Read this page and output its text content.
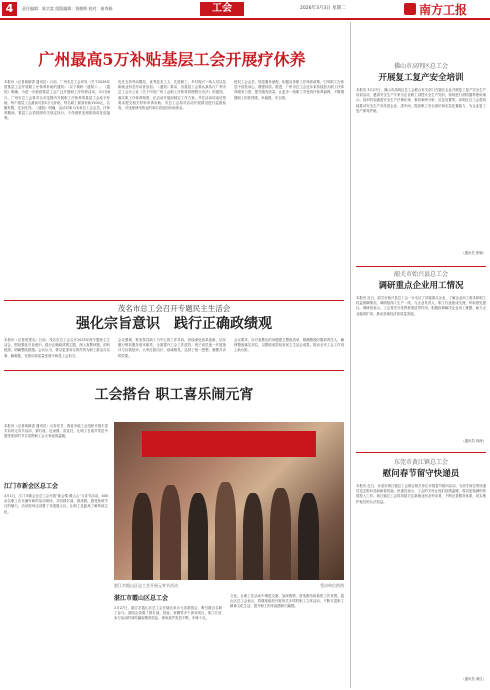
4	责任编辑：陈宗富 组版编辑：钱朝辉 校对：曲秀娟	工会	2026年3月3日 星期二	南方工报
广州最高5万补贴基层工会开展疗休养
本报讯（记者黄朝香 通讯员）日前，广州市总工会印发《关于2026年度基层工会开展职工疗休养补助的通知》（以下简称《通知》）。《通知》明确，为进一步鼓励基层工会广泛开展职工疗休养活动，3月至8月，广州市总工会将对全市范围内开展职工疗休养的基层工会给予补助，每个基层工会最高可获5万元补贴，每名职工最高补助1500元，名额有限，先到先得。《通知》明确，活动对象为本单位工会会员，疗休养期间，基层工会须按照有关规定执行，不得借机变相旅游或发放福利。
优先支持劳动模范、优秀技术工人、先进职工、乡村振兴一线人员以及新就业形态劳动者参加。《通知》要求，各基层工会要认真执行广州市总工会办公室《关于印发广州工会职工疗休养管理暂行办法》的通知，落实职工疗休养制度，在活动开展前制定工作方案，并在活动结束后按要求提交相关材料申请补助。市总工会将对活动开展情况进行监督检查，对违规使用资金的单位将追回补助资金。
授权工会会员，规范服务流程，积极宣传职工疗休养政策，引导职工在休息中放松身心、增强体质。据悉，广州市总工会近年来持续加大职工疗休养服务力度，提升服务质量，让更多一线职工享受到疗休养福利，不断增强职工的获得感、幸福感、安全感。
茂名市总工会召开专题民主生活会
强化宗旨意识　践行正确政绩观
本报讯（记者曾建友）日前，茂名市总工会召开2025年度专题民主生活会，围绕强化宗旨意识、践行正确政绩观主题，深入查摆问题，剖析根源，明确整改措施。会议认为，要以更加务实的作风为职工群众办实事、解难题，在推动高质量发展中彰显工会担当。
会议强调，要坚持以职工为中心的工作导向，持续深化改革创新，切实履行维权服务基本职责，全面提升工会工作质效。班子成员逐一开展批评与自我批评，大家红脸出汗、坦诚相见，达到了统一思想、凝聚共识的效果。
会议要求，针对查摆出的问题建立整改清单，明确整改时限和责任人，确保整改落实到位，以整改成效检验民主生活会成果，推动全市工会工作再上新台阶。
工会搭台 职工喜乐闹元宵
本报讯（记者黄朝香 通讯员）元宵佳节，我省多地工会组织开展丰富多彩的元宵节活动，猜灯谜、包汤圆、赏花灯，让职工在欢声笑语中感受浓浓的节日氛围和工会大家庭的温暖。
江门市新会区总工会
3月1日，江门市新会区总工会开展“新会情 暖人心”元宵节活动。400余名职工在充满年味的活动现场，共同猜灯谜、做汤圆，感受传统节日的魅力。活动现场还设置了非遗展示区，让职工近距离了解传统文化。
湛江市霞山区总工会开展元宵节活动	受访单位供图
湛江市霞山区总工会
2月27日，湛江市霞山区总工会在辖区举办元宵游园会，吸引数百名职工参与。游园会设置了猜灯谜、投壶、套圈等多个游戏项目，职工们在参与活动的同时赢取精美奖品，现场欢声笑语不断，年味十足。
文化，让职工在活动中增进交流、加深感情，营造团结和谐的工作氛围。霞山区总工会表示，将继续组织开展形式多样的职工文体活动，不断丰富职工精神文化生活，提升职工的幸福感和归属感。
佛山市高明区总工会
开展复工复产安全培训
本报讯 3月27日，佛山市高明区总工会联合有关部门在辖区企业开展复工复产安全生产培训活动，邀请安全生产专家为企业职工讲授安全生产知识，现场进行消防器材使用演示。培训内容涵盖安全生产法律法规、事故案例分析、应急处置等。高明区总工会将持续推动安全生产宣传进企业、进车间，提高职工安全意识和应急处置能力，为企业复工复产保驾护航。
（通讯员 张敏）
韶关市始兴县总工会
调研重点企业用工情况
本报讯 近日，韶关市始兴县总工会一行走访了县辖重点企业，了解企业用工需求和职工权益保障情况。调研组深入生产一线，与企业负责人、职工代表座谈交流，听取意见建议。调研组表示，工会将充分发挥桥梁纽带作用，积极协调解决企业用工难题，助力企业稳岗扩岗，推动县域经济高质量发展。
（通讯员 林涛）
东莞市黄江镇总工会
慰问春节留守快递员
本报讯 近日，东莞市黄江镇总工会联合相关单位开展春节慰问活动，为坚守岗位的快递员送去慰问品和新春祝福。快递员表示，工会的关怀让他们倍感温暖，将以更饱满的热情投入工作。黄江镇总工会将持续关注新就业形态劳动者，不断完善服务体系，切实维护他们的合法权益。
（通讯员 黄红）
